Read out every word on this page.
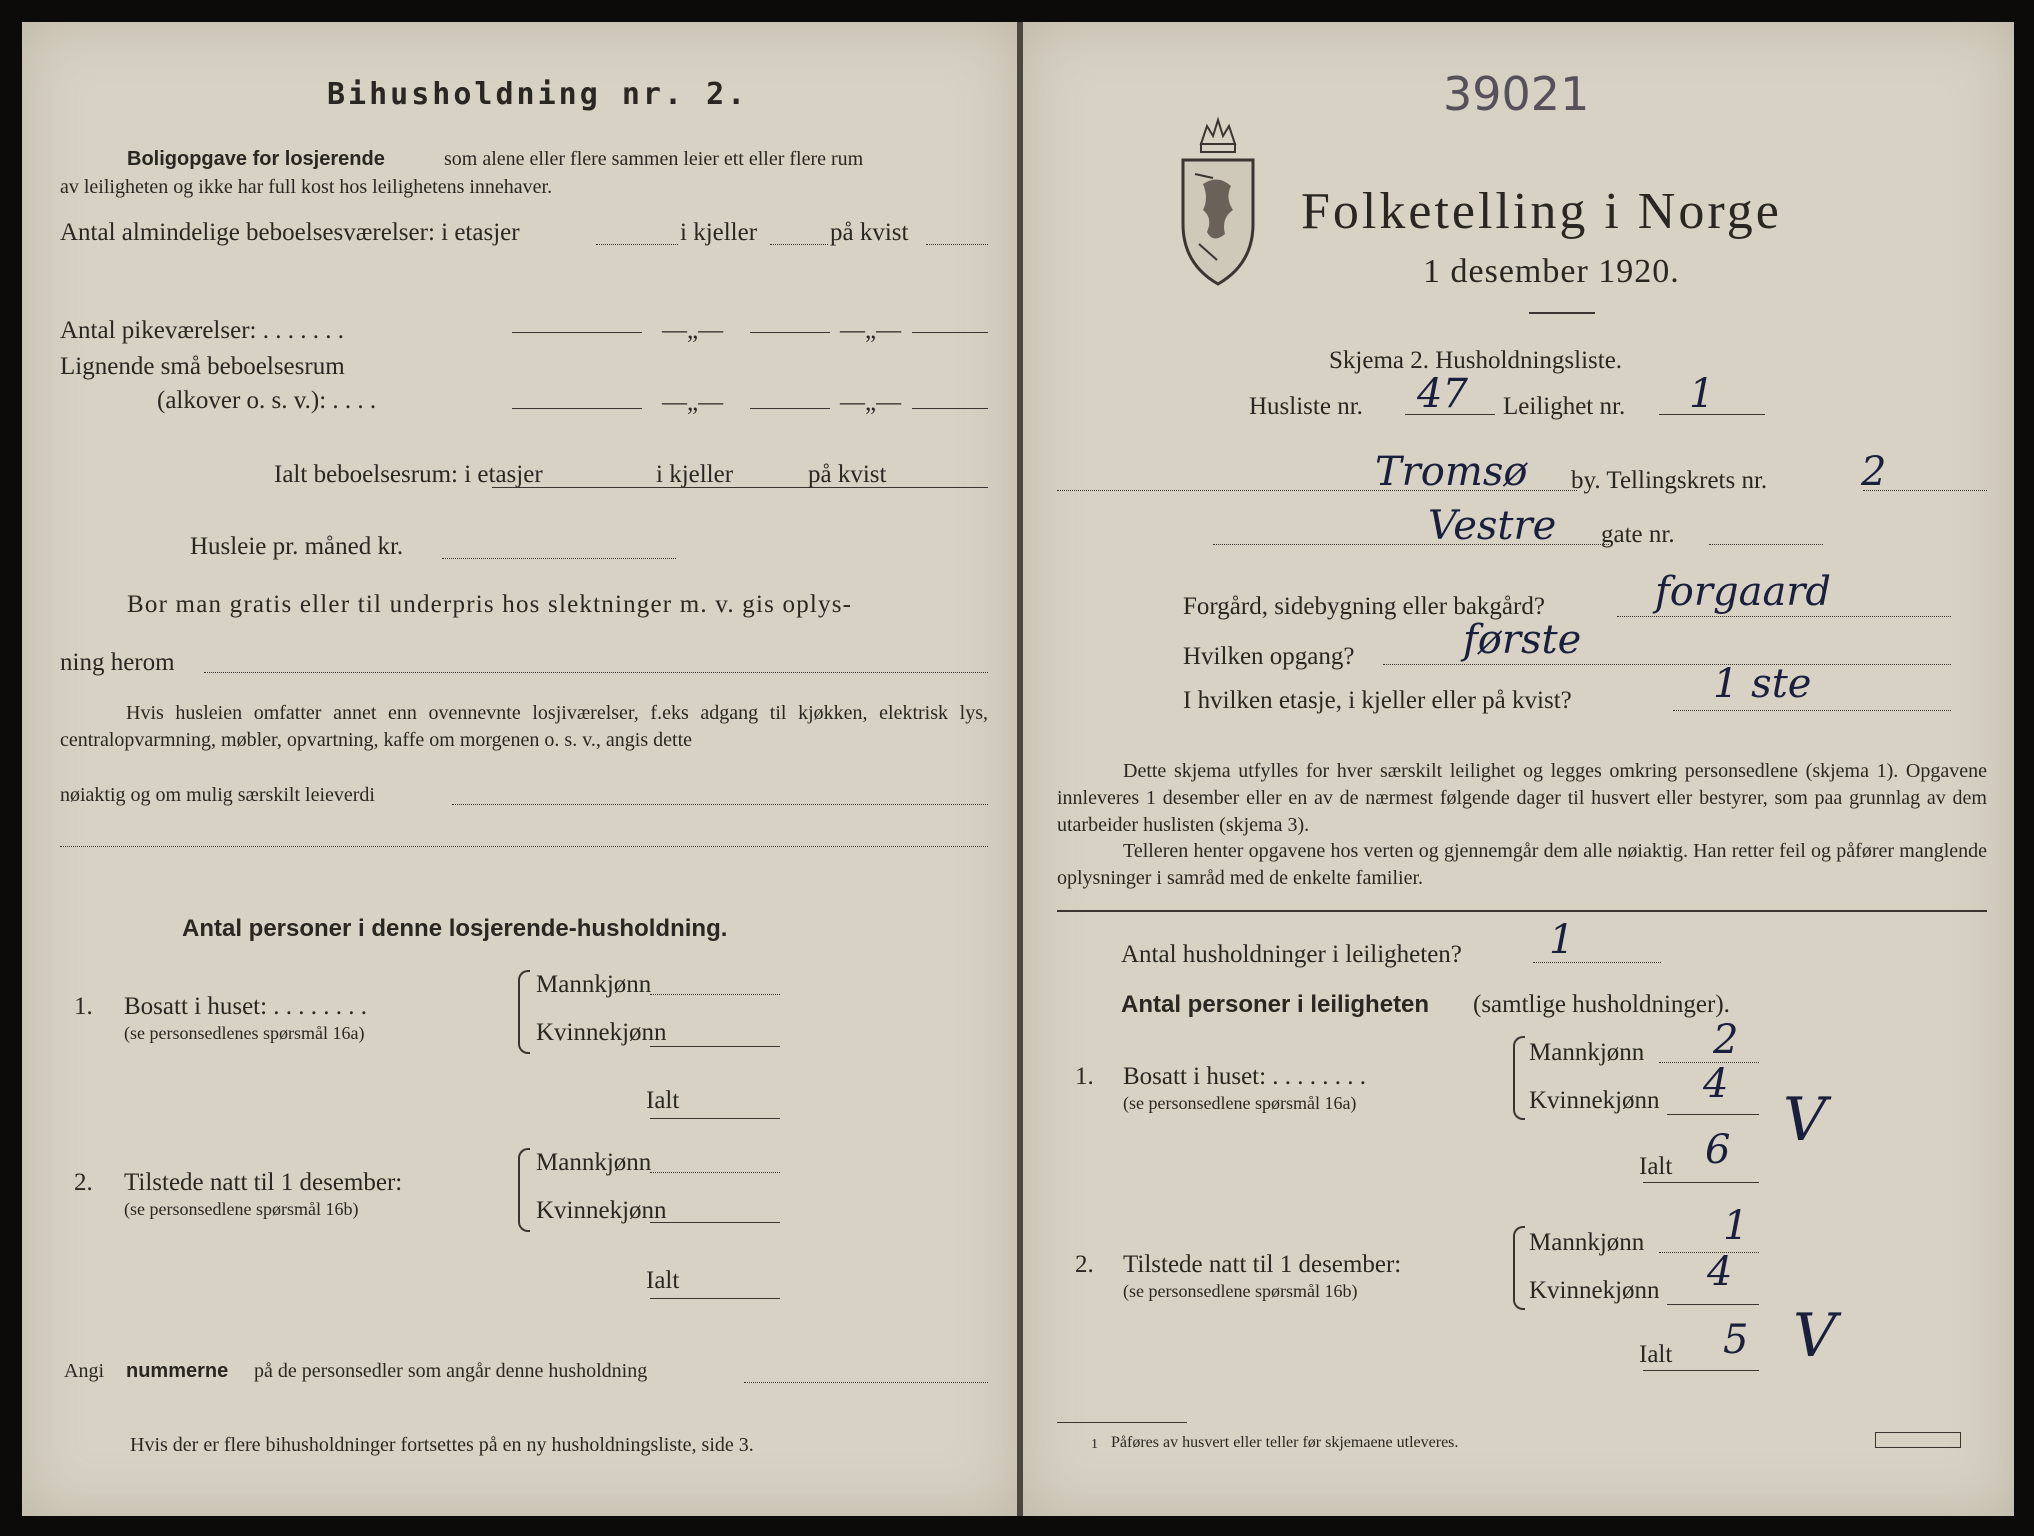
Bihusholdning nr. 2.
Boligopgave for losjerende	som alene eller flere sammen leier ett eller flere rum
av leiligheten og ikke har full kost hos leilighetens innehaver.
Antal almindelige beboelsesværelser: i etasjer	i kjeller	på kvist
Antal pikeværelser: . . . . . . .	—„—	—„—
Lignende små beboelsesrum
(alkover o. s. v.): . . . .	—„—	—„—
Ialt beboelsesrum: i etasjer	i kjeller	på kvist
Husleie pr. måned kr.
Bor man gratis eller til underpris hos slektninger m. v. gis oplys-
ning herom
Hvis husleien omfatter annet enn ovennevnte losjiværelser, f.eks adgang til kjøkken, elektrisk lys, centralopvarmning, møbler, opvartning, kaffe om morgenen o. s. v., angis dette
nøiaktig og om mulig særskilt leieverdi
Antal personer i denne losjerende-husholdning.
1. Bosatt i huset: . . . . . . . .
(se personsedlenes spørsmål 16a)
Mannkjønn
Kvinnekjønn
Ialt
2. Tilstede natt til 1 desember:
(se personsedlene spørsmål 16b)
Mannkjønn
Kvinnekjønn
Ialt
Angi nummerne på de personsedler som angår denne husholdning
Hvis der er flere bihusholdninger fortsettes på en ny husholdningsliste, side 3.
39021
Folketelling i Norge
1 desember 1920.
Skjema 2. Husholdningsliste.
Husliste nr. 47 Leilighet nr. 1
Tromsø by. Tellingskrets nr. 2
Vestre gate nr.
Forgård, sidebygning eller bakgård?	forgaard
Hvilken opgang?	første
I hvilken etasje, i kjeller eller på kvist?	1 ste
Dette skjema utfylles for hver særskilt leilighet og legges omkring personsedlene (skjema 1). Opgavene innleveres 1 desember eller en av de nærmest følgende dager til husvert eller bestyrer, som paa grunnlag av dem utarbeider huslisten (skjema 3).
Telleren henter opgavene hos verten og gjennemgår dem alle nøiaktig. Han retter feil og påfører manglende oplysninger i samråd med de enkelte familier.
Antal husholdninger i leiligheten? 1
Antal personer i leiligheten (samtlige husholdninger).
1. Bosatt i huset: . . . . . . . .
(se personsedlene spørsmål 16a)
Mannkjønn 2
Kvinnekjønn 4
Ialt 6 V
2. Tilstede natt til 1 desember:
(se personsedlene spørsmål 16b)
Mannkjønn 1
Kvinnekjønn 4
Ialt 5 V
1 Påføres av husvert eller teller før skjemaene utleveres.
